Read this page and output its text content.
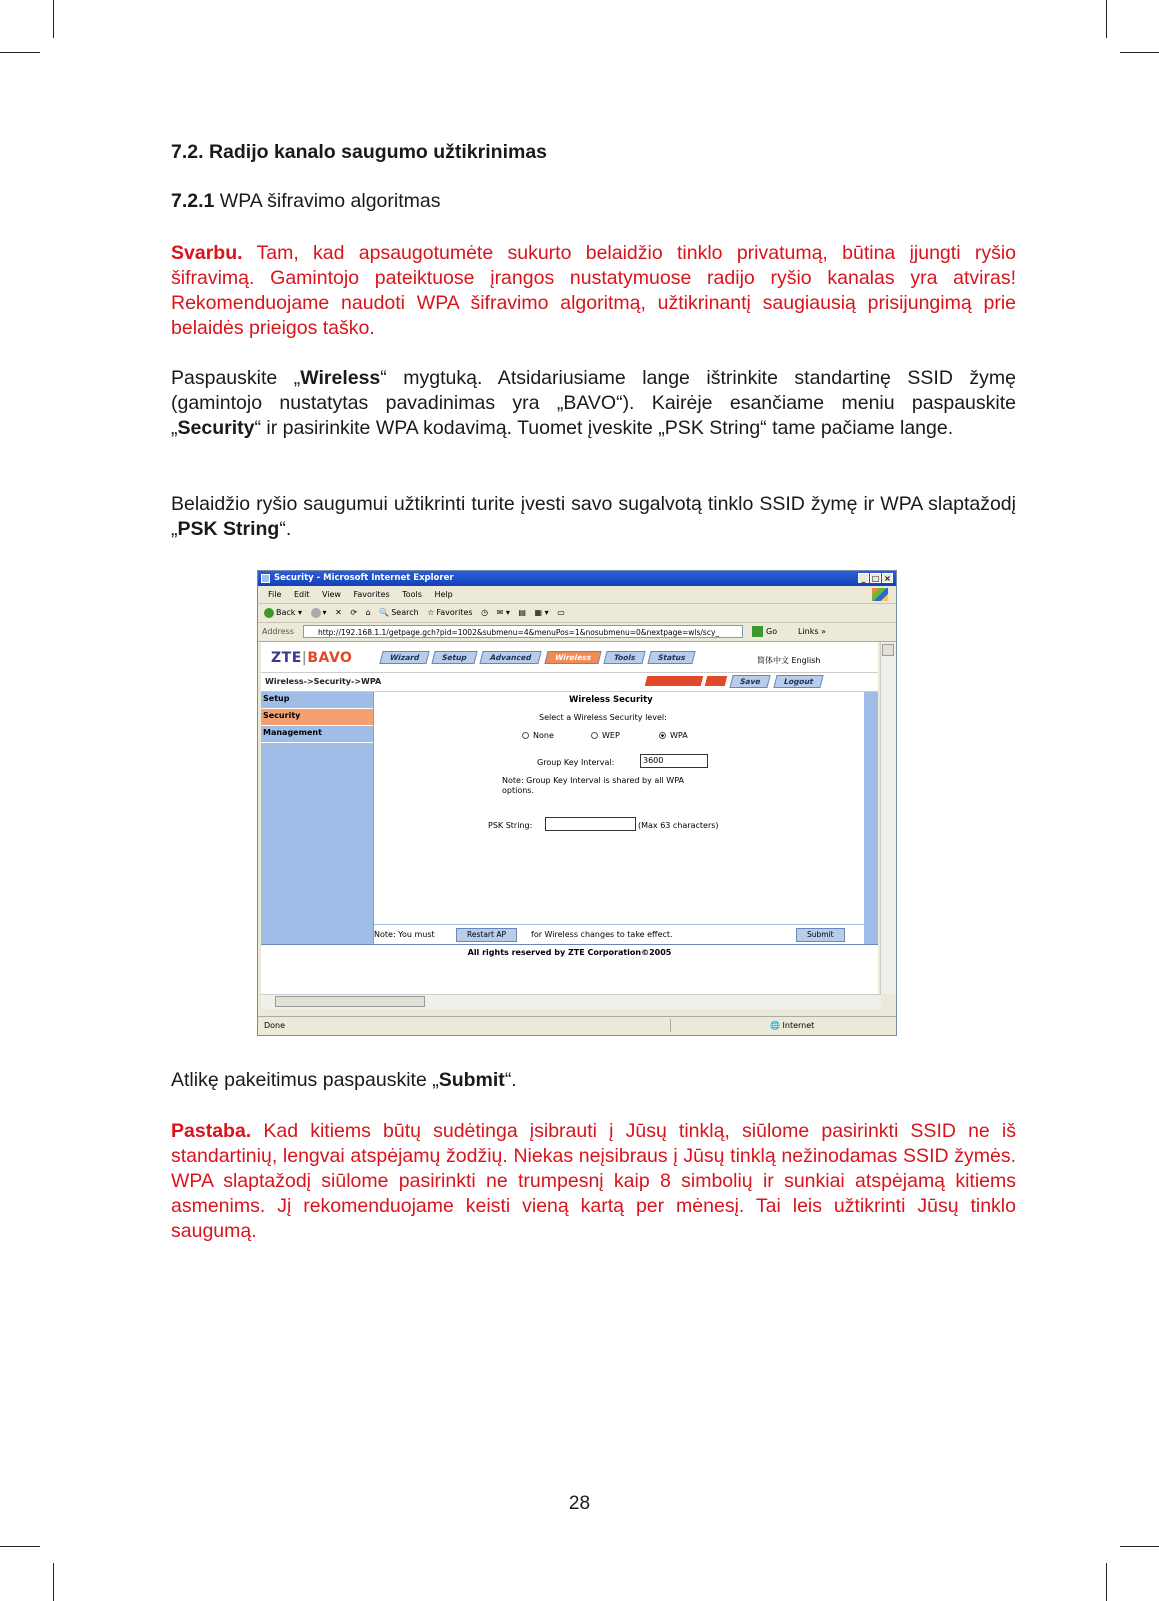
7.2. Radijo kanalo saugumo užtikrinimas
7.2.1 WPA šifravimo algoritmas
Svarbu. Tam, kad apsaugotumėte sukurto belaidžio tinklo privatumą, būtina įjungti ryšio šifravimą. Gamintojo pateiktuose įrangos nustatymuose radijo ryšio kanalas yra atviras! Rekomenduojame naudoti WPA šifravimo algoritmą, užtikrinantį saugiausią prisijungimą prie belaidės prieigos taško.
Paspauskite „Wireless“ mygtuką. Atsidariusiame lange ištrinkite standartinę SSID žymę (gamintojo nustatytas pavadinimas yra „BAVO“). Kairėje esančiame meniu paspauskite „Security“ ir pasirinkite WPA kodavimą. Tuomet įveskite „PSK String“ tame pačiame lange.
Belaidžio ryšio saugumui užtikrinti turite įvesti savo sugalvotą tinklo SSID žymę ir WPA slaptažodį „PSK String“.
Security - Microsoft Internet Explorer	_ □ ×
File Edit View Favorites Tools Help
Back ▾	▾ ✕ ⟳ ⌂ 🔍 Search ☆ Favorites ◷ ✉ ▾ ▤ ▦ ▾ ▭
Address	http://192.168.1.1/getpage.gch?pid=1002&submenu=4&menuPos=1&nosubmenu=0&nextpage=wls/scy_	Go	Links »
ZTE|BAVO	Wizard	Setup	Advanced	Wireless	Tools	Status	简体中文 English
Wireless->Security->WPA	Save	Logout
Setup
Security
Management
Wireless Security
Select a Wireless Security level:
None	WEP	WPA
Group Key Interval:	3600
Note: Group Key Interval is shared by all WPA
options.
PSK String:	(Max 63 characters)
Note: You must	Restart AP	for Wireless changes to take effect.	Submit
All rights reserved by ZTE Corporation©2005
Done	🌐 Internet
Atlikę pakeitimus paspauskite „Submit“.
Pastaba. Kad kitiems būtų sudėtinga įsibrauti į Jūsų tinklą, siūlome pasirinkti SSID ne iš standartinių, lengvai atspėjamų žodžių. Niekas neįsibraus į Jūsų tinklą nežinodamas SSID žymės. WPA slaptažodį siūlome pasirinkti ne trumpesnį kaip 8 simbolių ir sunkiai atspėjamą kitiems asmenims. Jį rekomenduojame keisti vieną kartą per mėnesį. Tai leis užtikrinti Jūsų tinklo saugumą.
28
